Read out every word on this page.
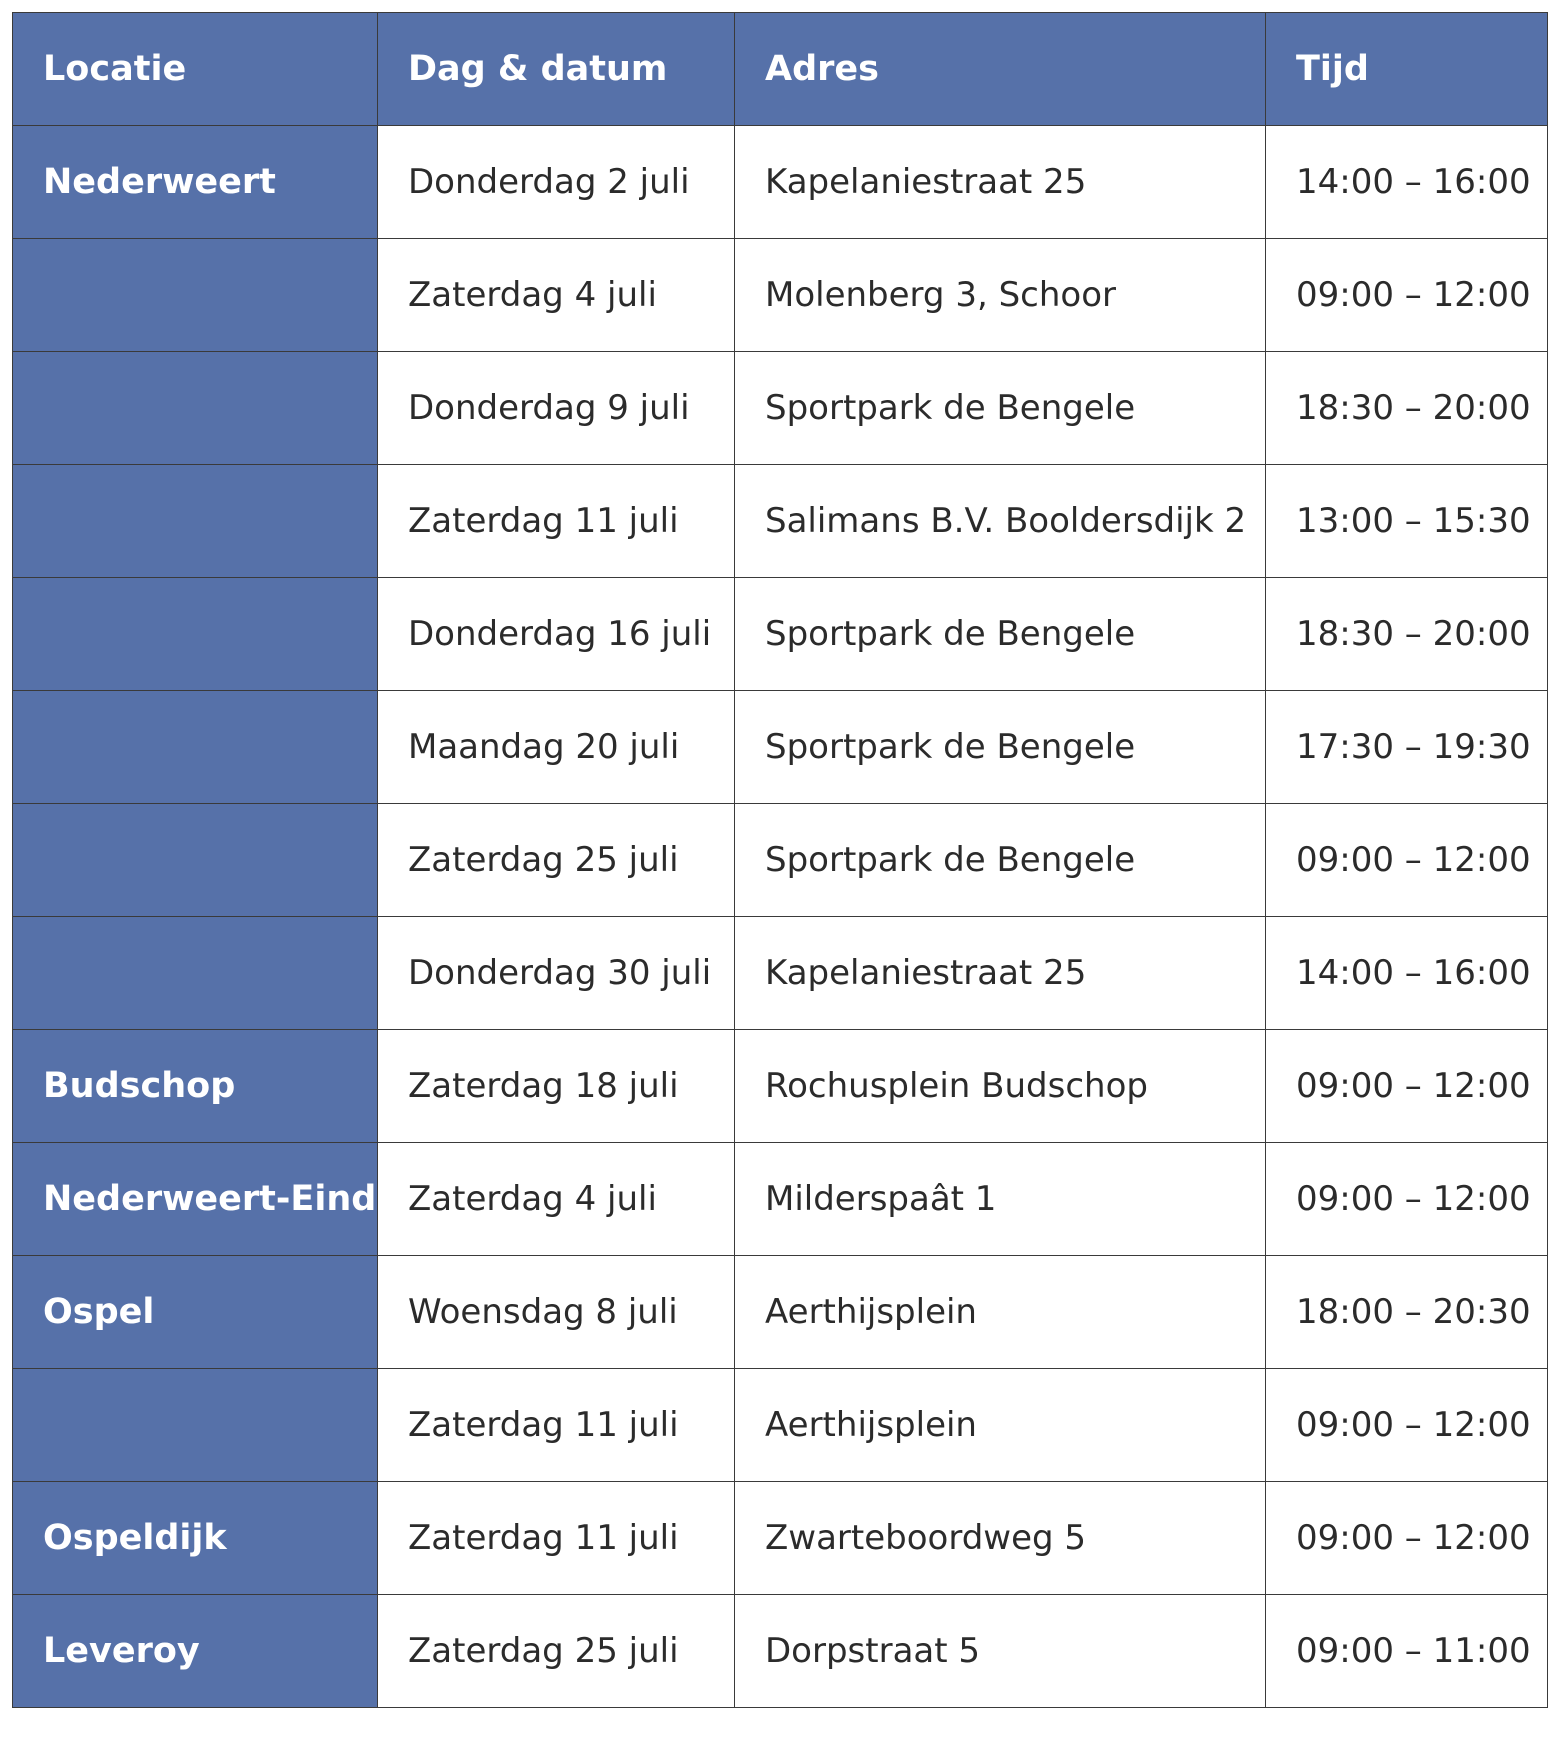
Locatie	Dag & datum	Adres	Tijd
Nederweert	Donderdag 2 juli	Kapelaniestraat 25	14:00 – 16:00
	Zaterdag 4 juli	Molenberg 3, Schoor	09:00 – 12:00
	Donderdag 9 juli	Sportpark de Bengele	18:30 – 20:00
	Zaterdag 11 juli	Salimans B.V. Booldersdijk 2	13:00 – 15:30
	Donderdag 16 juli	Sportpark de Bengele	18:30 – 20:00
	Maandag 20 juli	Sportpark de Bengele	17:30 – 19:30
	Zaterdag 25 juli	Sportpark de Bengele	09:00 – 12:00
	Donderdag 30 juli	Kapelaniestraat 25	14:00 – 16:00
Budschop	Zaterdag 18 juli	Rochusplein Budschop	09:00 – 12:00
Nederweert-Eind	Zaterdag 4 juli	Milderspaât 1	09:00 – 12:00
Ospel	Woensdag 8 juli	Aerthijsplein	18:00 – 20:30
	Zaterdag 11 juli	Aerthijsplein	09:00 – 12:00
Ospeldijk	Zaterdag 11 juli	Zwarteboordweg 5	09:00 – 12:00
Leveroy	Zaterdag 25 juli	Dorpstraat 5	09:00 – 11:00
